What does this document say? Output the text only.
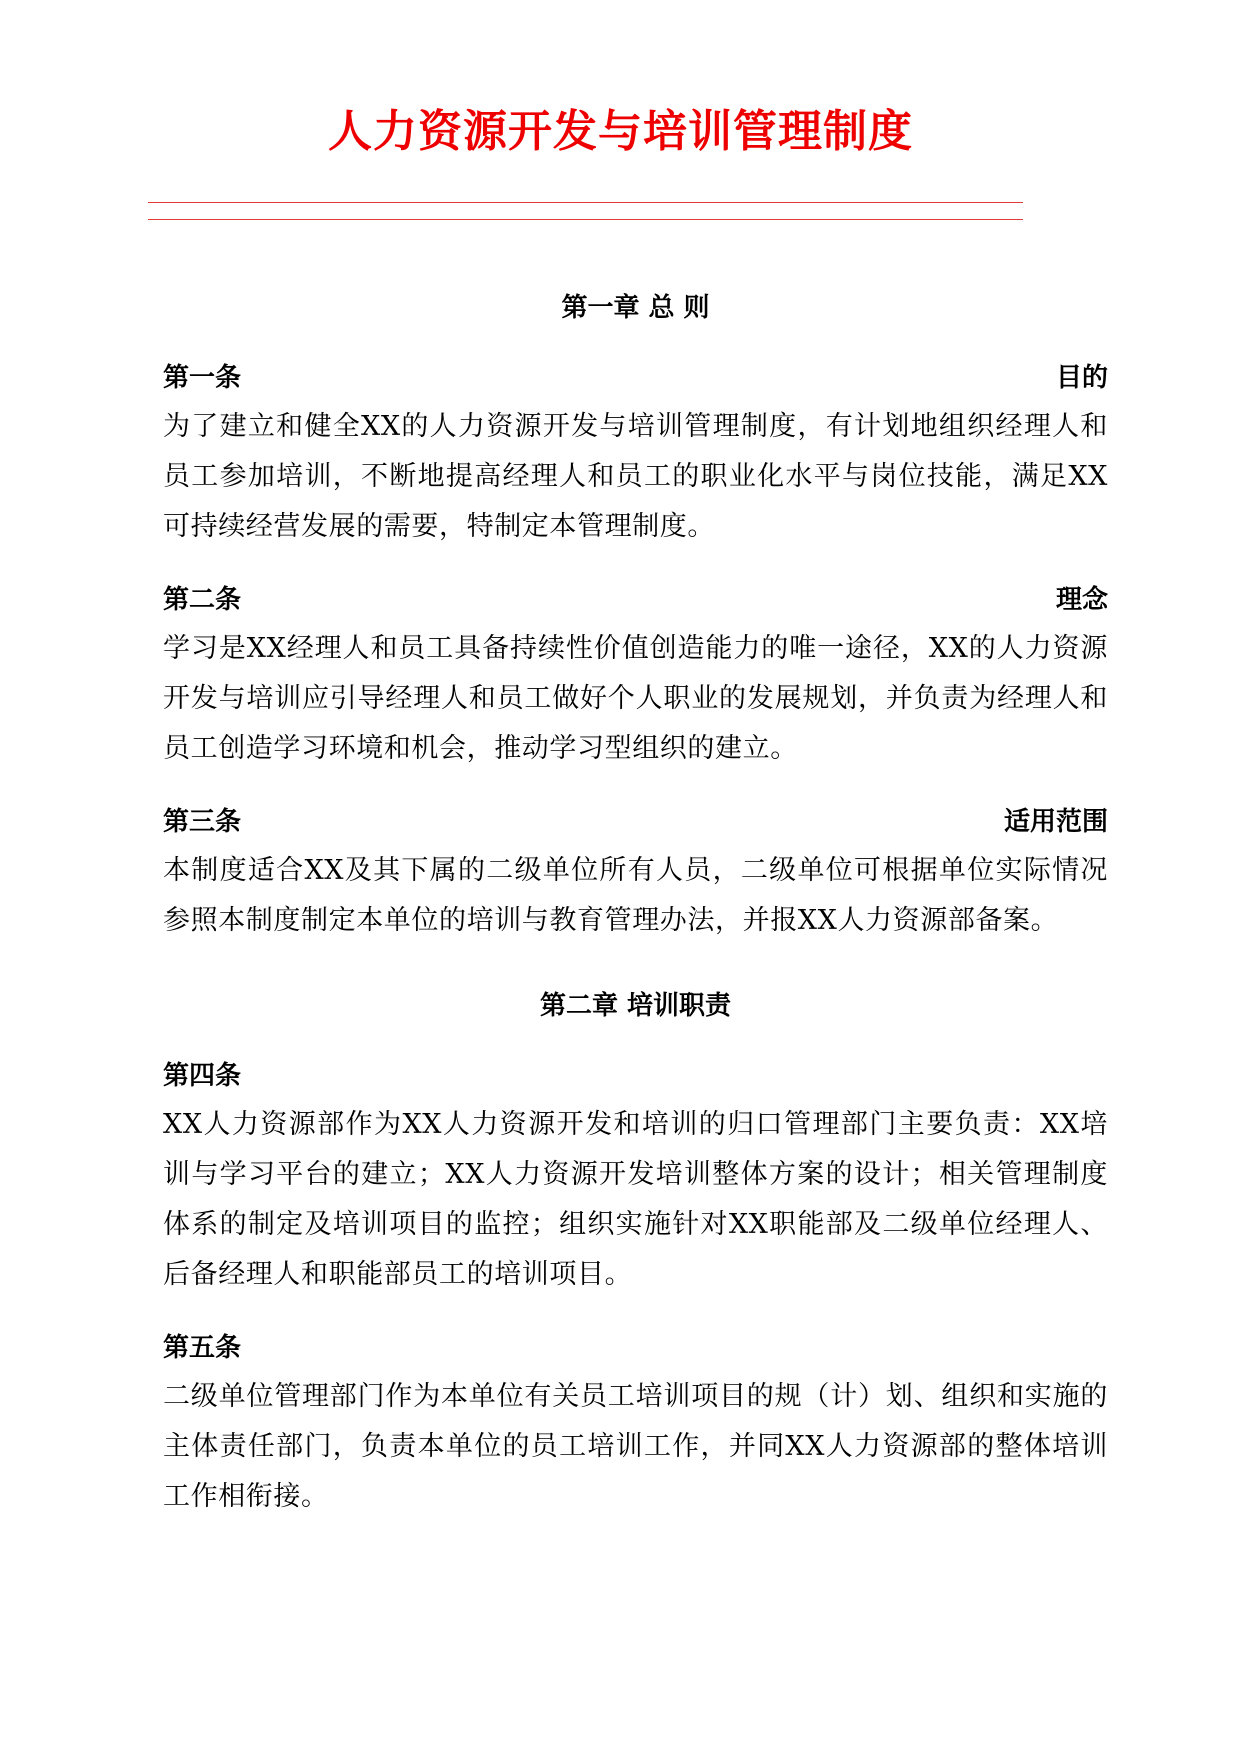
人力资源开发与培训管理制度
第一章 总 则
第一条	目的

为了建立和健全XX的人力资源开发与培训管理制度，有计划地组织经理人和员工参加培训，不断地提高经理人和员工的职业化水平与岗位技能，满足XX可持续经营发展的需要，特制定本管理制度。

第二条	理念

学习是XX经理人和员工具备持续性价值创造能力的唯一途径，XX的人力资源开发与培训应引导经理人和员工做好个人职业的发展规划，并负责为经理人和员工创造学习环境和机会，推动学习型组织的建立。

第三条	适用范围

本制度适合XX及其下属的二级单位所有人员，二级单位可根据单位实际情况参照本制度制定本单位的培训与教育管理办法，并报XX人力资源部备案。

第二章 培训职责
第四条

XX人力资源部作为XX人力资源开发和培训的归口管理部门主要负责：XX培训与学习平台的建立；XX人力资源开发培训整体方案的设计；相关管理制度体系的制定及培训项目的监控；组织实施针对XX职能部及二级单位经理人、后备经理人和职能部员工的培训项目。

第五条

二级单位管理部门作为本单位有关员工培训项目的规（计）划、组织和实施的主体责任部门，负责本单位的员工培训工作，并同XX人力资源部的整体培训工作相衔接。
